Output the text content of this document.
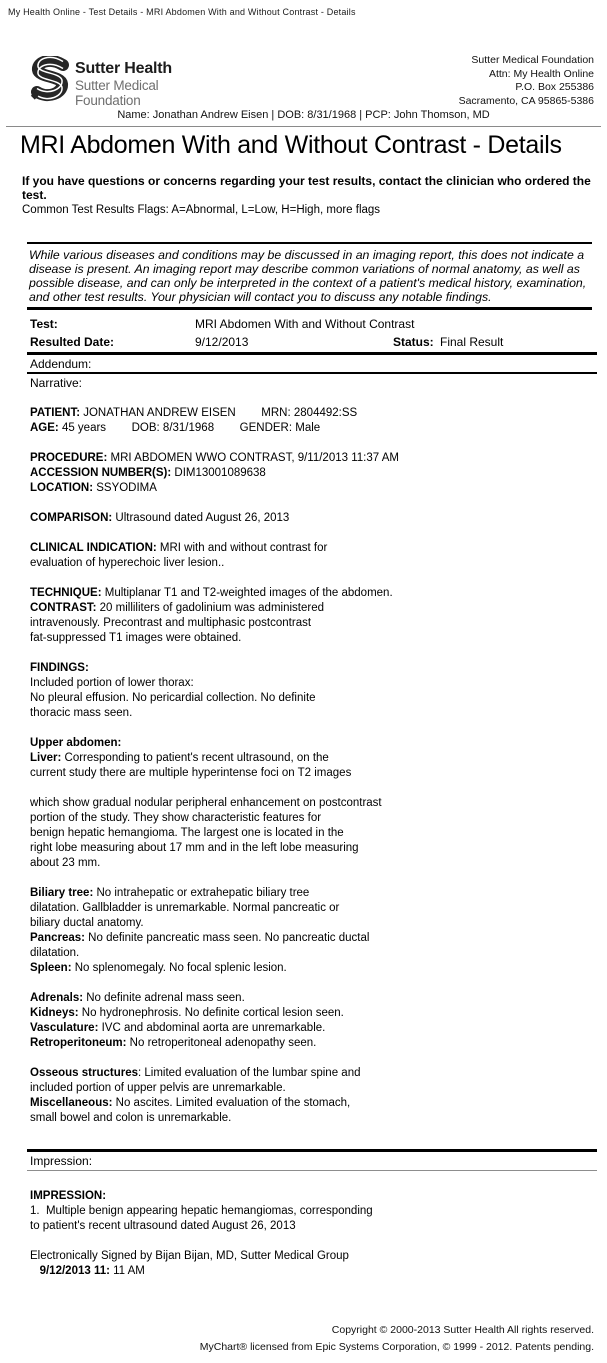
My Health Online - Test Details - MRI Abdomen With and Without Contrast - Details
Sutter Health
Sutter Medical
Foundation
Sutter Medical Foundation
Attn: My Health Online
P.O. Box 255386
Sacramento, CA 95865-5386
Name: Jonathan Andrew Eisen | DOB: 8/31/1968 | PCP: John Thomson, MD
MRI Abdomen With and Without Contrast - Details
If you have questions or concerns regarding your test results, contact the clinician who ordered the test.
Common Test Results Flags: A=Abnormal, L=Low, H=High, more flags
While various diseases and conditions may be discussed in an imaging report, this does not indicate a disease is present. An imaging report may describe common variations of normal anatomy, as well as possible disease, and can only be interpreted in the context of a patient's medical history, examination, and other test results. Your physician will contact you to discuss any notable findings.
Test:	MRI Abdomen With and Without Contrast
Resulted Date:	9/12/2013	Status: Final Result
Addendum:
Narrative:

PATIENT: JONATHAN ANDREW EISEN        MRN: 2804492:SS
AGE: 45 years        DOB: 8/31/1968        GENDER: Male

PROCEDURE: MRI ABDOMEN WWO CONTRAST, 9/11/2013 11:37 AM
ACCESSION NUMBER(S): DIM13001089638
LOCATION: SSYODIMA

COMPARISON: Ultrasound dated August 26, 2013

CLINICAL INDICATION: MRI with and without contrast for
evaluation of hyperechoic liver lesion..

TECHNIQUE: Multiplanar T1 and T2-weighted images of the abdomen.
CONTRAST: 20 milliliters of gadolinium was administered
intravenously. Precontrast and multiphasic postcontrast
fat-suppressed T1 images were obtained.

FINDINGS:
Included portion of lower thorax:
No pleural effusion. No pericardial collection. No definite
thoracic mass seen.

Upper abdomen:
Liver: Corresponding to patient's recent ultrasound, on the
current study there are multiple hyperintense foci on T2 images

which show gradual nodular peripheral enhancement on postcontrast
portion of the study. They show characteristic features for
benign hepatic hemangioma. The largest one is located in the
right lobe measuring about 17 mm and in the left lobe measuring
about 23 mm.

Biliary tree: No intrahepatic or extrahepatic biliary tree
dilatation. Gallbladder is unremarkable. Normal pancreatic or
biliary ductal anatomy.
Pancreas: No definite pancreatic mass seen. No pancreatic ductal
dilatation.
Spleen: No splenomegaly. No focal splenic lesion.

Adrenals: No definite adrenal mass seen.
Kidneys: No hydronephrosis. No definite cortical lesion seen.
Vasculature: IVC and abdominal aorta are unremarkable.
Retroperitoneum: No retroperitoneal adenopathy seen.

Osseous structures: Limited evaluation of the lumbar spine and
included portion of upper pelvis are unremarkable.
Miscellaneous: No ascites. Limited evaluation of the stomach,
small bowel and colon is unremarkable.
Impression:

IMPRESSION:
1.  Multiple benign appearing hepatic hemangiomas, corresponding
to patient's recent ultrasound dated August 26, 2013

Electronically Signed by Bijan Bijan, MD, Sutter Medical Group
9/12/2013 11: 11 AM
Copyright © 2000-2013 Sutter Health All rights reserved.
MyChart® licensed from Epic Systems Corporation, © 1999 - 2012. Patents pending.
